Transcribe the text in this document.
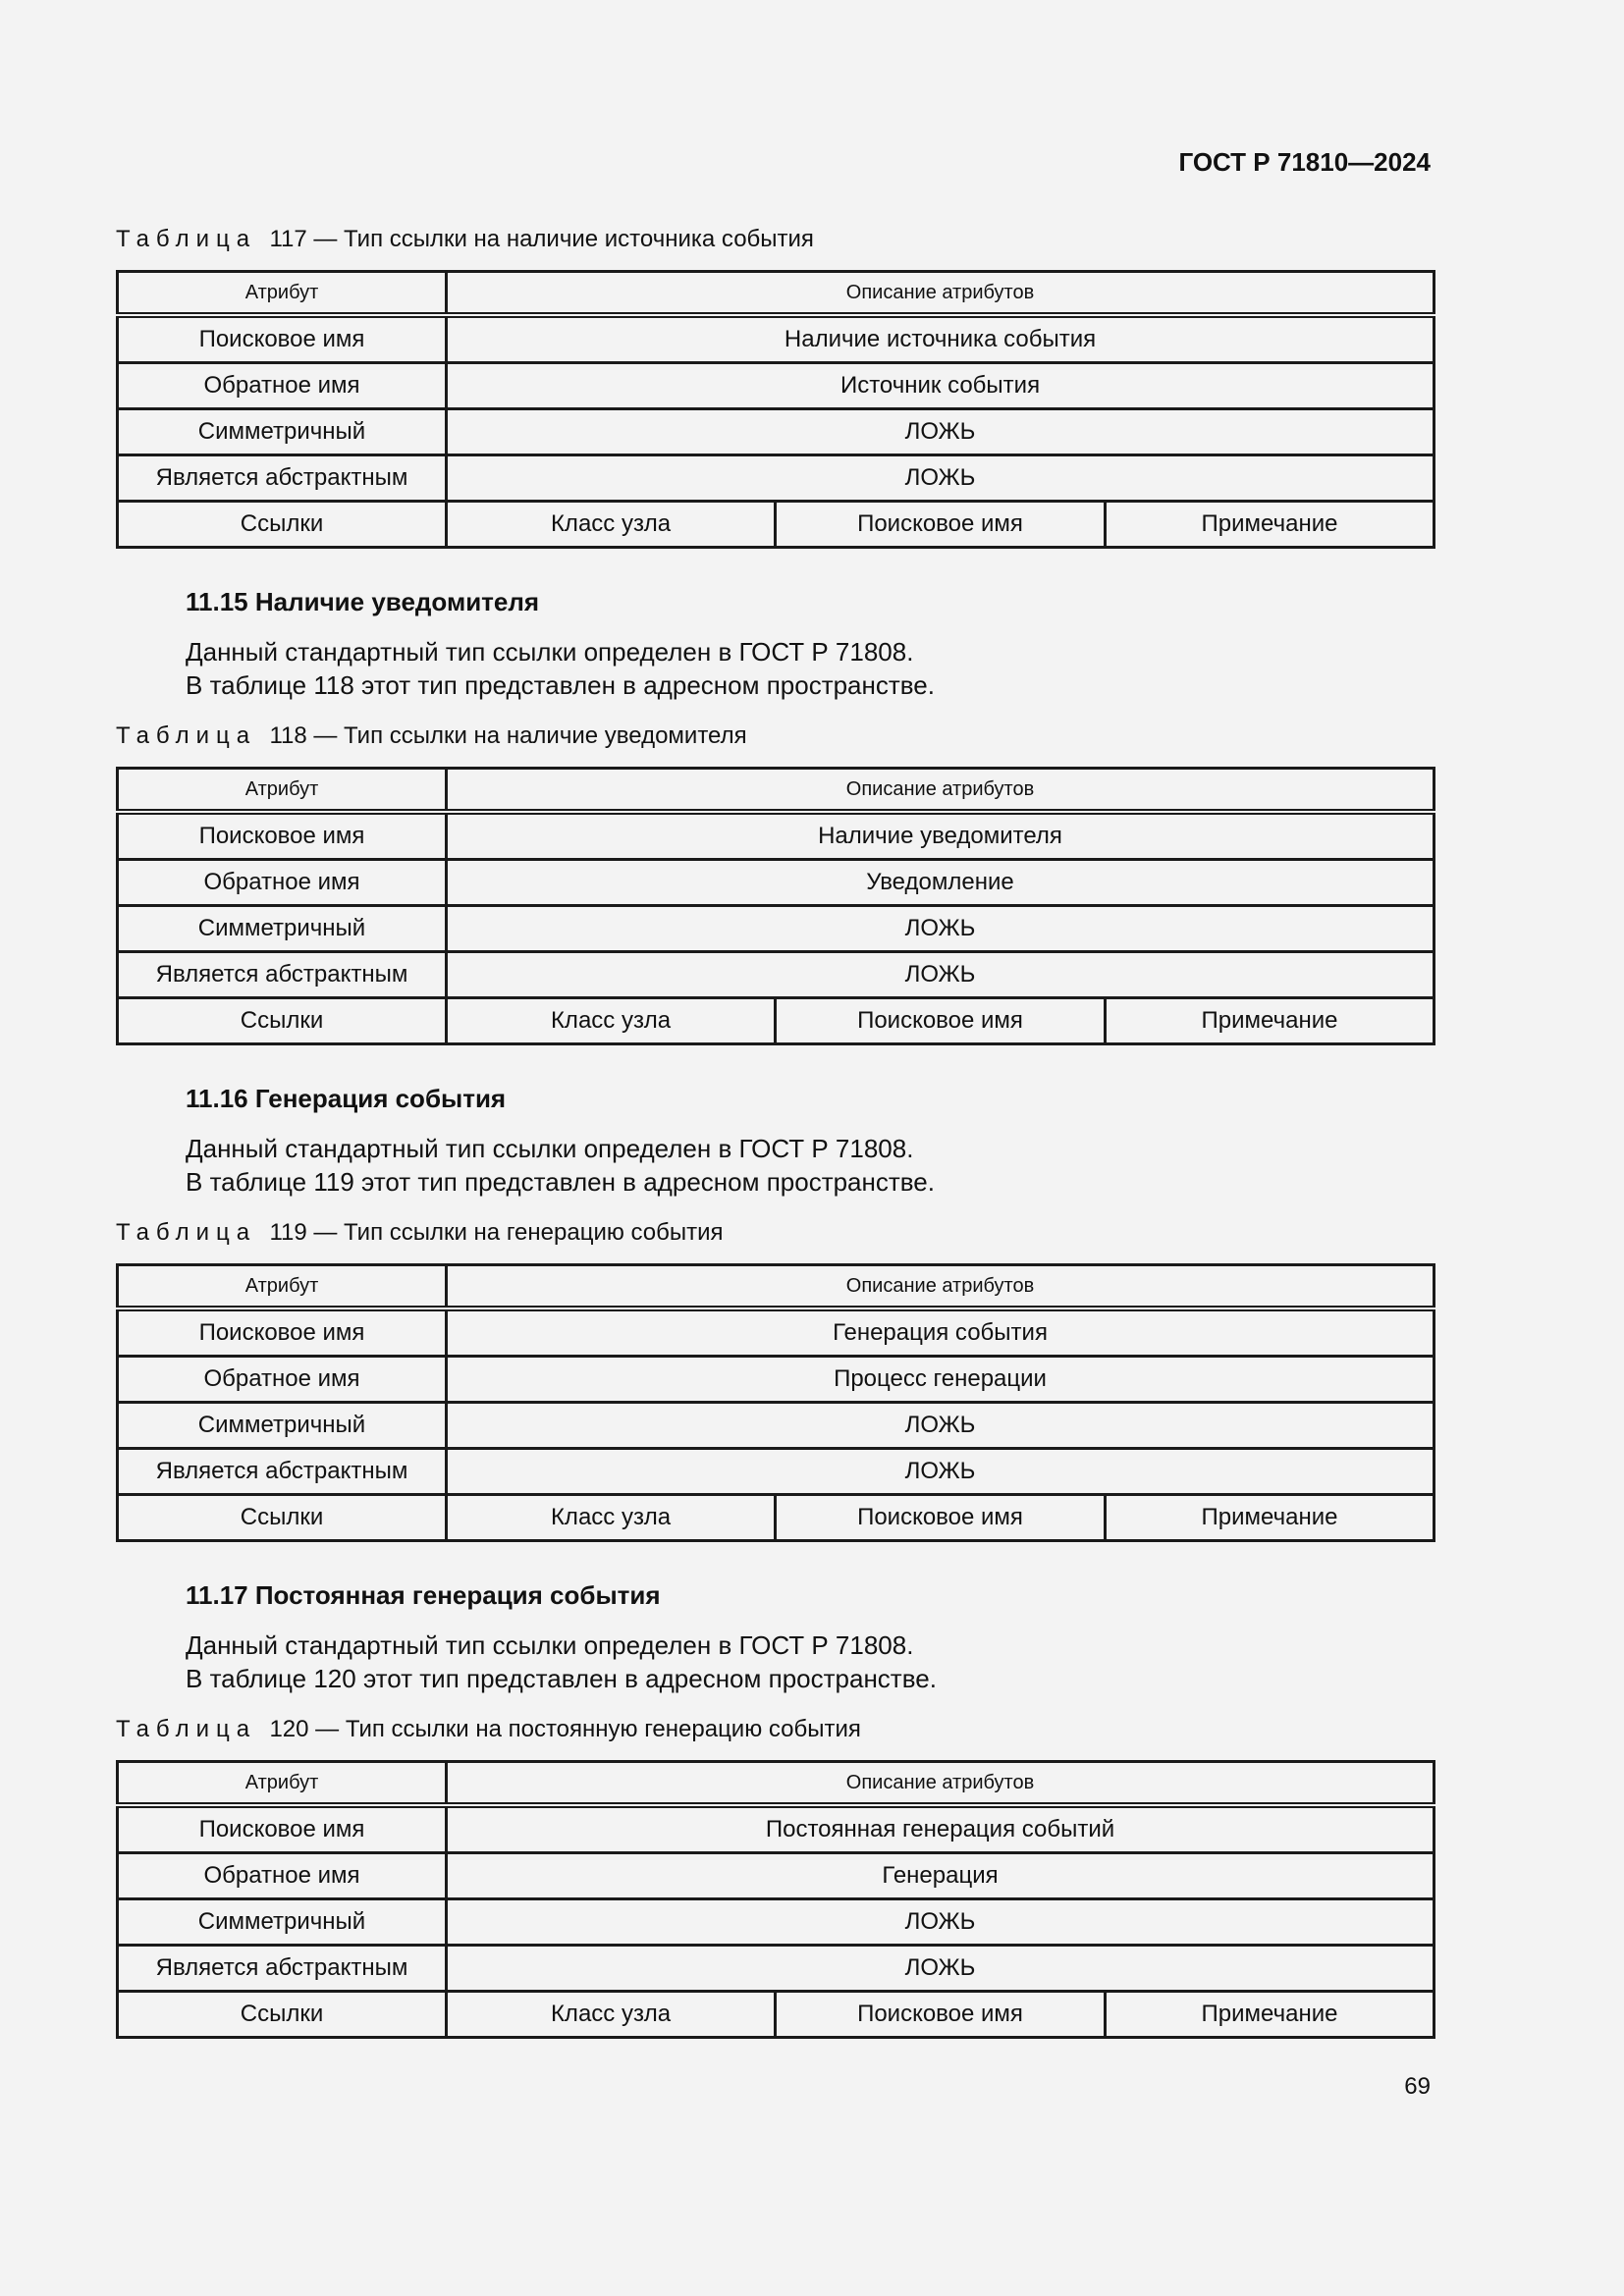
ГОСТ Р 71810—2024
Таблица 117 — Тип ссылки на наличие источника события
Атрибут	Описание атрибутов		
Поисковое имя	Наличие источника события		
Обратное имя	Источник события		
Симметричный	ЛОЖЬ		
Является абстрактным	ЛОЖЬ		
Ссылки	Класс узла	Поисковое имя	Примечание
11.15 Наличие уведомителя
Данный стандартный тип ссылки определен в ГОСТ Р 71808.
В таблице 118 этот тип представлен в адресном пространстве.
Таблица 118 — Тип ссылки на наличие уведомителя
Атрибут	Описание атрибутов		
Поисковое имя	Наличие уведомителя		
Обратное имя	Уведомление		
Симметричный	ЛОЖЬ		
Является абстрактным	ЛОЖЬ		
Ссылки	Класс узла	Поисковое имя	Примечание
11.16 Генерация события
Данный стандартный тип ссылки определен в ГОСТ Р 71808.
В таблице 119 этот тип представлен в адресном пространстве.
Таблица 119 — Тип ссылки на генерацию события
Атрибут	Описание атрибутов		
Поисковое имя	Генерация события		
Обратное имя	Процесс генерации		
Симметричный	ЛОЖЬ		
Является абстрактным	ЛОЖЬ		
Ссылки	Класс узла	Поисковое имя	Примечание
11.17 Постоянная генерация события
Данный стандартный тип ссылки определен в ГОСТ Р 71808.
В таблице 120 этот тип представлен в адресном пространстве.
Таблица 120 — Тип ссылки на постоянную генерацию события
Атрибут	Описание атрибутов		
Поисковое имя	Постоянная генерация событий		
Обратное имя	Генерация		
Симметричный	ЛОЖЬ		
Является абстрактным	ЛОЖЬ		
Ссылки	Класс узла	Поисковое имя	Примечание
69
